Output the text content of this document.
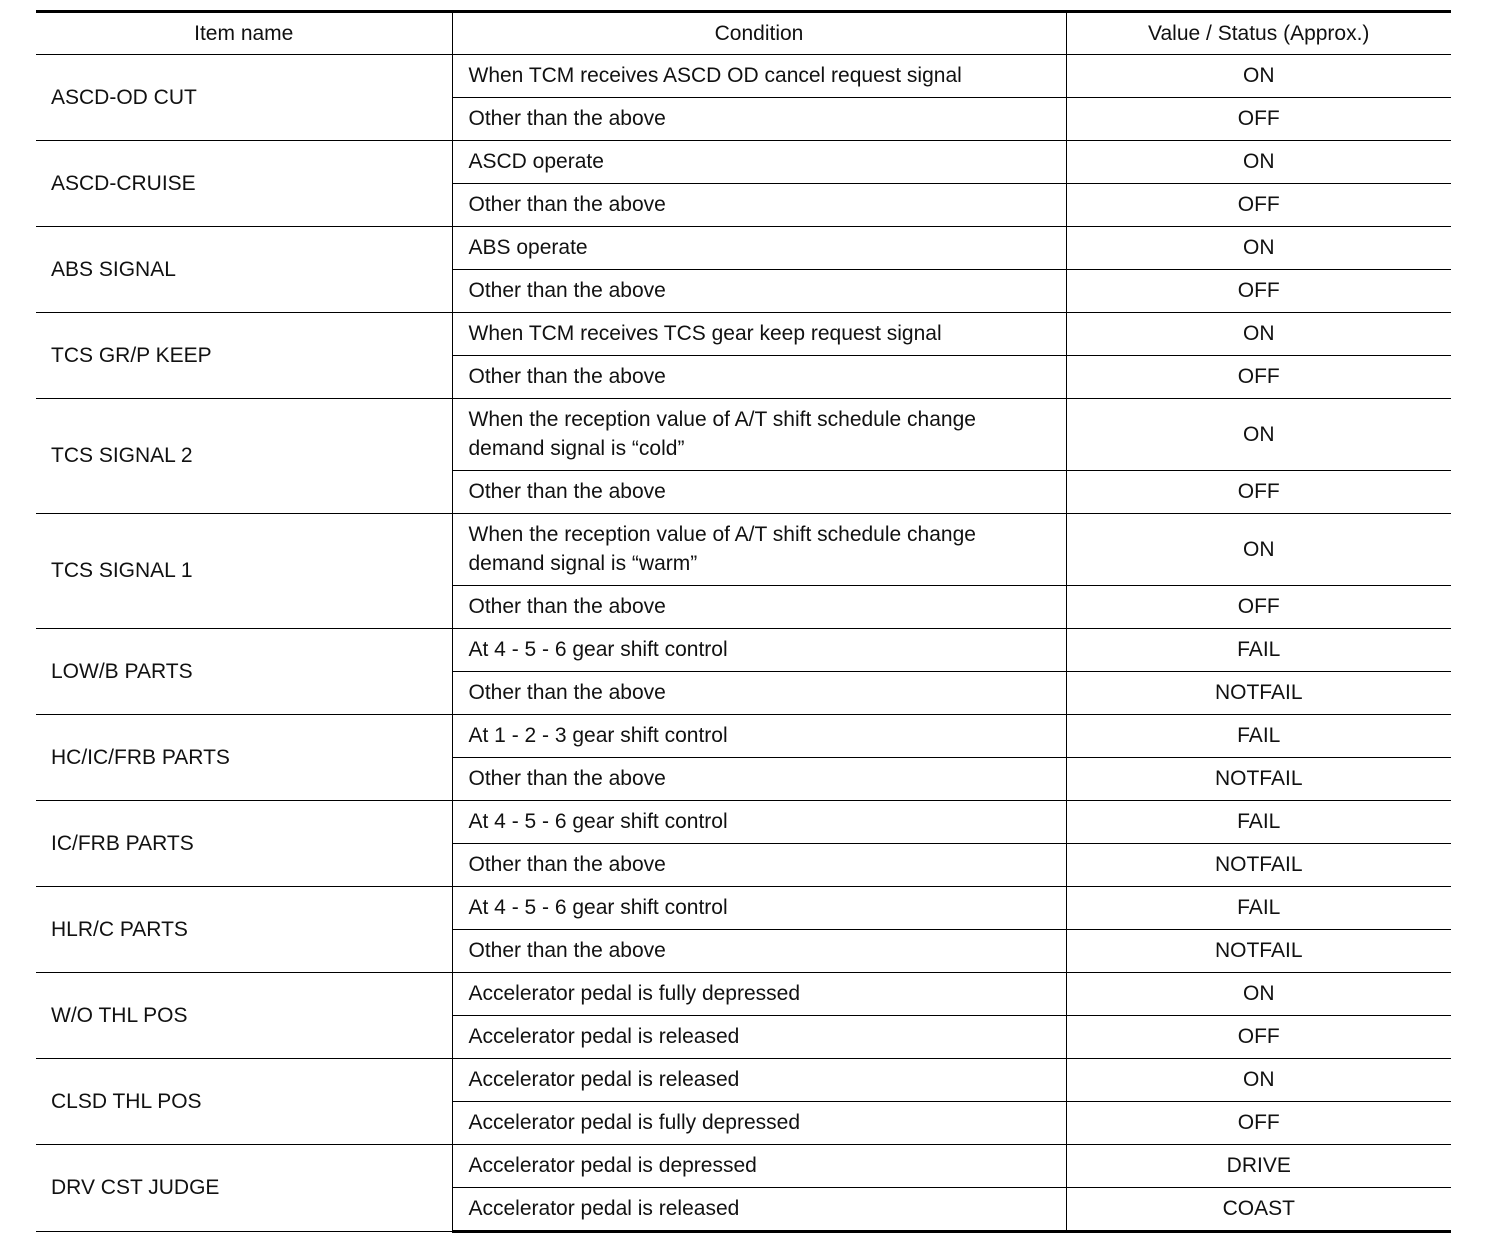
Item name	Condition	Value / Status (Approx.)
ASCD-OD CUT	When TCM receives ASCD OD cancel request signal	ON
	Other than the above	OFF
ASCD-CRUISE	ASCD operate	ON
	Other than the above	OFF
ABS SIGNAL	ABS operate	ON
	Other than the above	OFF
TCS GR/P KEEP	When TCM receives TCS gear keep request signal	ON
	Other than the above	OFF
TCS SIGNAL 2	When the reception value of A/T shift schedule change demand signal is “cold”	ON
	Other than the above	OFF
TCS SIGNAL 1	When the reception value of A/T shift schedule change demand signal is “warm”	ON
	Other than the above	OFF
LOW/B PARTS	At 4 - 5 - 6 gear shift control	FAIL
	Other than the above	NOTFAIL
HC/IC/FRB PARTS	At 1 - 2 - 3 gear shift control	FAIL
	Other than the above	NOTFAIL
IC/FRB PARTS	At 4 - 5 - 6 gear shift control	FAIL
	Other than the above	NOTFAIL
HLR/C PARTS	At 4 - 5 - 6 gear shift control	FAIL
	Other than the above	NOTFAIL
W/O THL POS	Accelerator pedal is fully depressed	ON
	Accelerator pedal is released	OFF
CLSD THL POS	Accelerator pedal is released	ON
	Accelerator pedal is fully depressed	OFF
DRV CST JUDGE	Accelerator pedal is depressed	DRIVE
	Accelerator pedal is released	COAST
